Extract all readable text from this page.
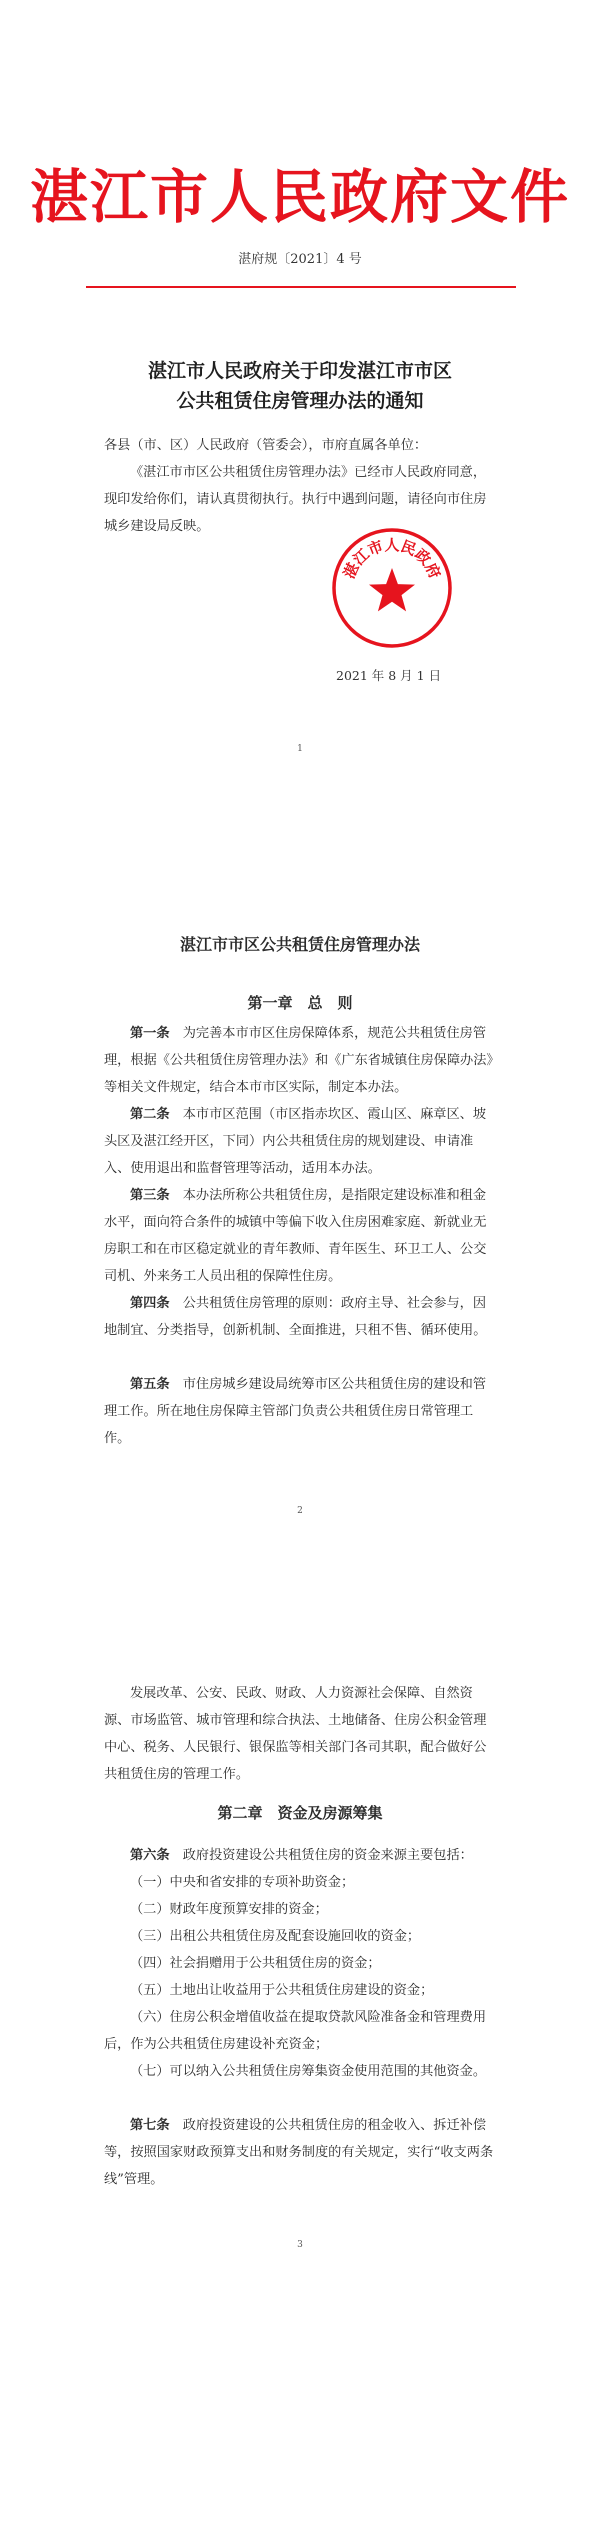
湛江市人民政府文件
湛府规〔2021〕4 号
湛江市人民政府关于印发湛江市市区
公共租赁住房管理办法的通知

各县（市、区）人民政府（管委会），市府直属各单位：

《湛江市市区公共租赁住房管理办法》已经市人民政府同意，现印发给你们，请认真贯彻执行。执行中遇到问题，请径向市住房城乡建设局反映。

湛江市人民政府
2021 年 8 月 1 日
1
湛江市市区公共租赁住房管理办法
第一章　总　则

第一条　 为完善本市市区住房保障体系，规范公共租赁住房管理，根据《公共租赁住房管理办法》和《广东省城镇住房保障办法》等相关文件规定，结合本市市区实际，制定本办法。

第二条　 本市市区范围（市区指赤坎区、霞山区、麻章区、坡头区及湛江经开区，下同）内公共租赁住房的规划建设、申请准入、使用退出和监督管理等活动，适用本办法。

第三条　 本办法所称公共租赁住房，是指限定建设标准和租金水平，面向符合条件的城镇中等偏下收入住房困难家庭、新就业无房职工和在市区稳定就业的青年教师、青年医生、环卫工人、公交司机、外来务工人员出租的保障性住房。

第四条　 公共租赁住房管理的原则：政府主导、社会参与，因地制宜、分类指导，创新机制、全面推进，只租不售、循环使用。

第五条　 市住房城乡建设局统筹市区公共租赁住房的建设和管理工作。所在地住房保障主管部门负责公共租赁住房日常管理工作。

2

发展改革、公安、民政、财政、人力资源社会保障、自然资源、市场监管、城市管理和综合执法、土地储备、住房公积金管理中心、税务、人民银行、银保监等相关部门各司其职，配合做好公共租赁住房的管理工作。

第二章　资金及房源筹集

第六条　 政府投资建设公共租赁住房的资金来源主要包括：

（一）中央和省安排的专项补助资金；

（二）财政年度预算安排的资金；

（三）出租公共租赁住房及配套设施回收的资金；

（四）社会捐赠用于公共租赁住房的资金；

（五）土地出让收益用于公共租赁住房建设的资金；

（六）住房公积金增值收益在提取贷款风险准备金和管理费用后，作为公共租赁住房建设补充资金；

（七）可以纳入公共租赁住房筹集资金使用范围的其他资金。

第七条　 政府投资建设的公共租赁住房的租金收入、拆迁补偿等，按照国家财政预算支出和财务制度的有关规定，实行“收支两条线”管理。

3
